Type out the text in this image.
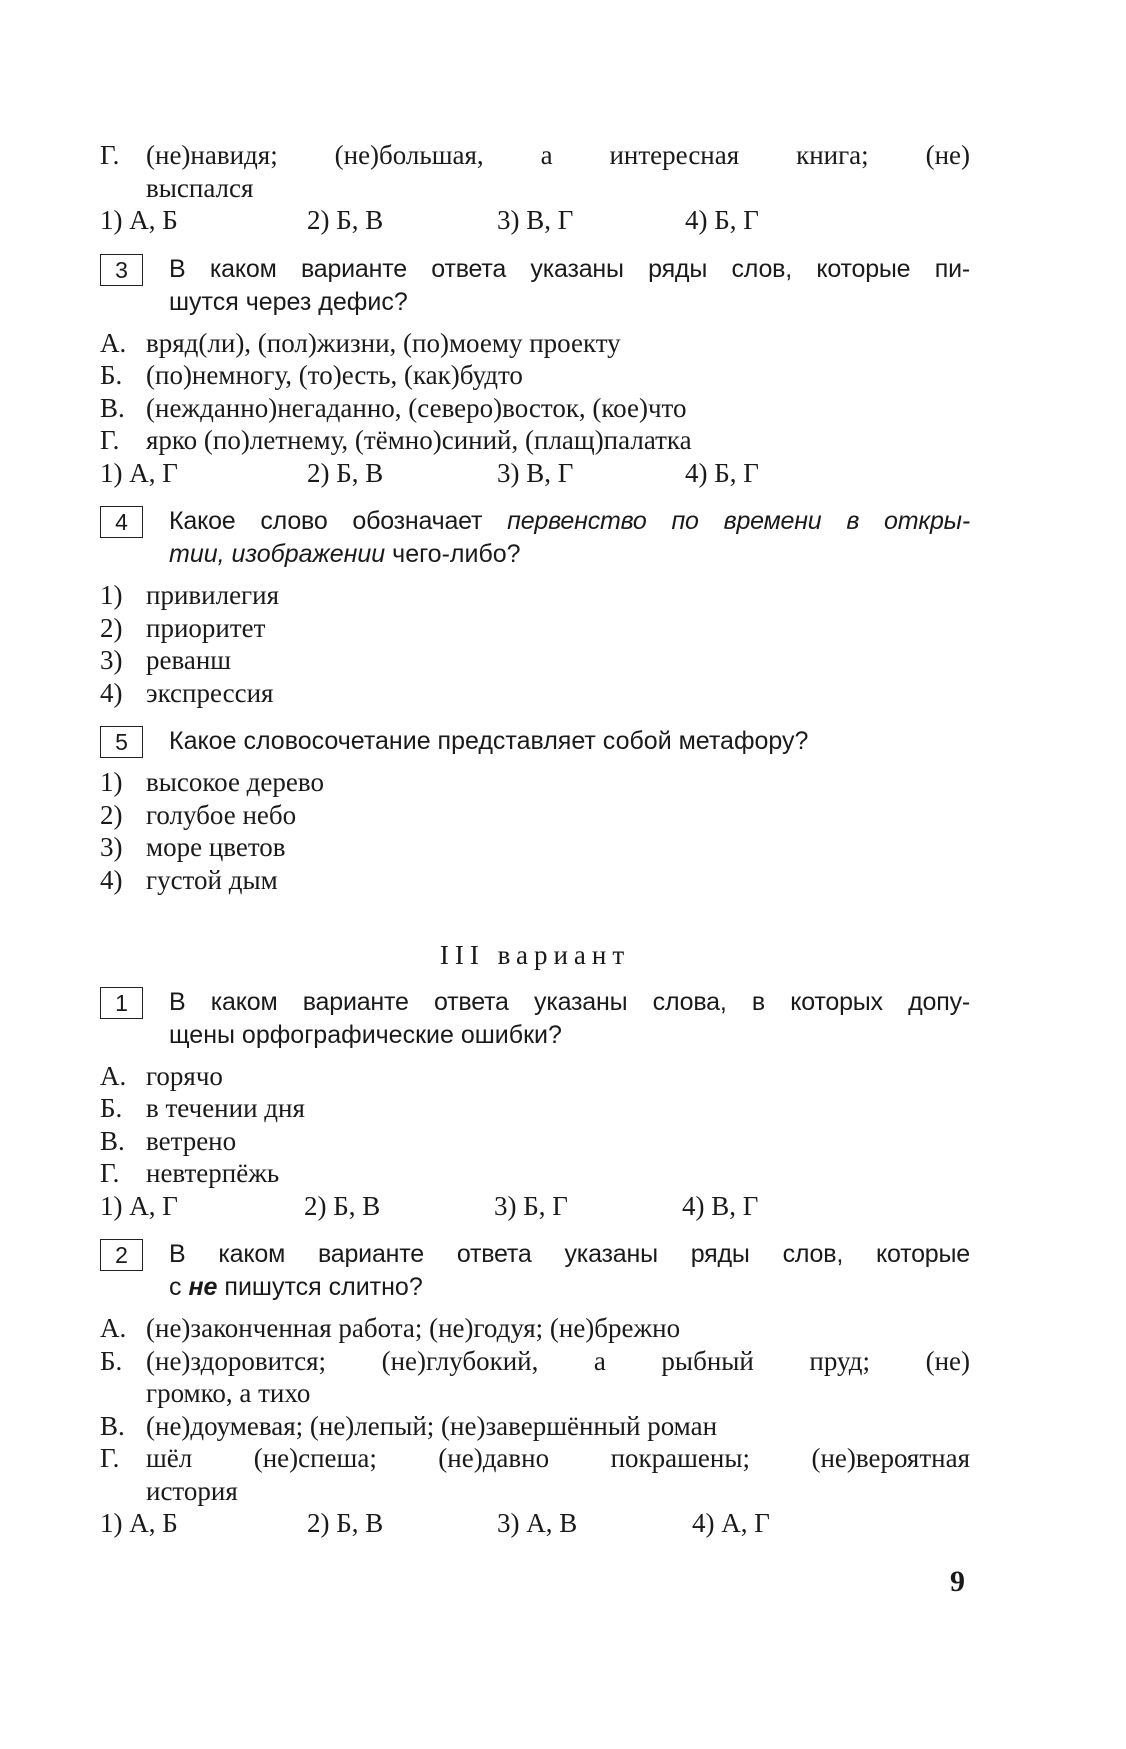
Г. (не)навидя; (не)большая, а интересная книга; (не)
выспался
1) А, Б	2) Б, В	3) В, Г	4) Б, Г
3	В каком варианте ответа указаны ряды слов, которые пи-
шутся через дефис?
А. вряд(ли), (пол)жизни, (по)моему проекту
Б. (по)немногу, (то)есть, (как)будто
В. (нежданно)негаданно, (северо)восток, (кое)что
Г. ярко (по)летнему, (тёмно)синий, (плащ)палатка
1) А, Г	2) Б, В	3) В, Г	4) Б, Г
4	Какое слово обозначает первенство по времени в откры-
тии, изображении чего-либо?
1) привилегия
2) приоритет
3) реванш
4) экспрессия
5	Какое словосочетание представляет собой метафору?
1) высокое дерево
2) голубое небо
3) море цветов
4) густой дым
III вариант
1	В каком варианте ответа указаны слова, в которых допу-
щены орфографические ошибки?
А. горячо
Б. в течении дня
В. ветрено
Г. невтерпёжь
1) А, Г	2) Б, В	3) Б, Г	4) В, Г
2	В каком варианте ответа указаны ряды слов, которые
с не пишутся слитно?
А. (не)законченная работа; (не)годуя; (не)брежно
Б. (не)здоровится; (не)глубокий, а рыбный пруд; (не)
громко, а тихо
В. (не)доумевая; (не)лепый; (не)завершённый роман
Г. шёл (не)спеша; (не)давно покрашены; (не)вероятная
история
1) А, Б	2) Б, В	3) А, В	4) А, Г
9
